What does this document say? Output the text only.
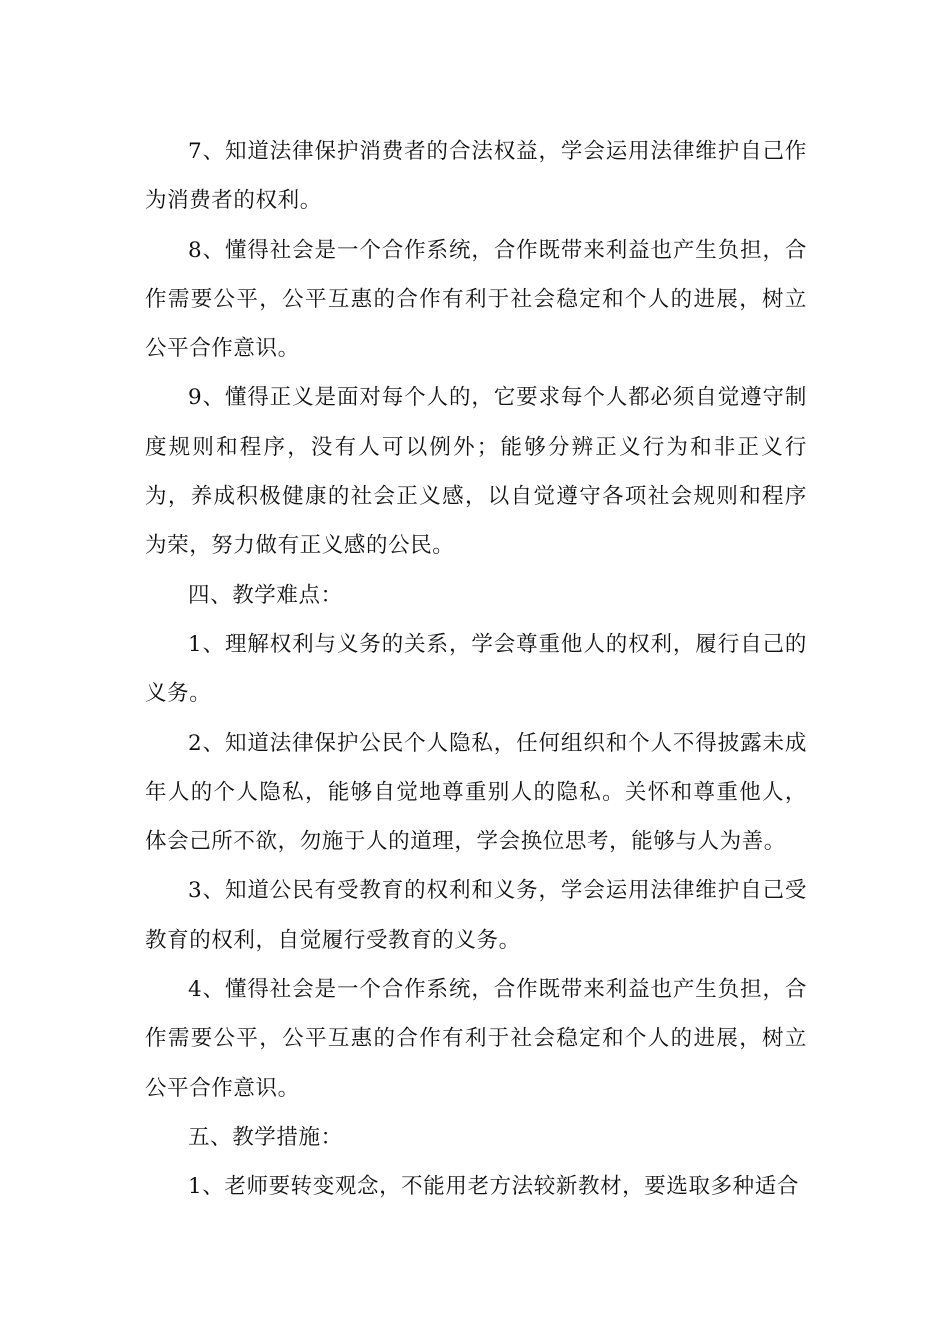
7、知道法律保护消费者的合法权益，学会运用法律维护自己作为消费者的权利。

8、懂得社会是一个合作系统，合作既带来利益也产生负担，合作需要公平，公平互惠的合作有利于社会稳定和个人的进展，树立公平合作意识。

9、懂得正义是面对每个人的，它要求每个人都必须自觉遵守制度规则和程序，没有人可以例外；能够分辨正义行为和非正义行为，养成积极健康的社会正义感，以自觉遵守各项社会规则和程序为荣，努力做有正义感的公民。

四、教学难点：

1、理解权利与义务的关系，学会尊重他人的权利，履行自己的义务。

2、知道法律保护公民个人隐私，任何组织和个人不得披露未成年人的个人隐私，能够自觉地尊重别人的隐私。关怀和尊重他人，体会己所不欲，勿施于人的道理，学会换位思考，能够与人为善。

3、知道公民有受教育的权利和义务，学会运用法律维护自己受教育的权利，自觉履行受教育的义务。

4、懂得社会是一个合作系统，合作既带来利益也产生负担，合作需要公平，公平互惠的合作有利于社会稳定和个人的进展，树立公平合作意识。

五、教学措施：

1、老师要转变观念，不能用老方法较新教材，要选取多种适合
